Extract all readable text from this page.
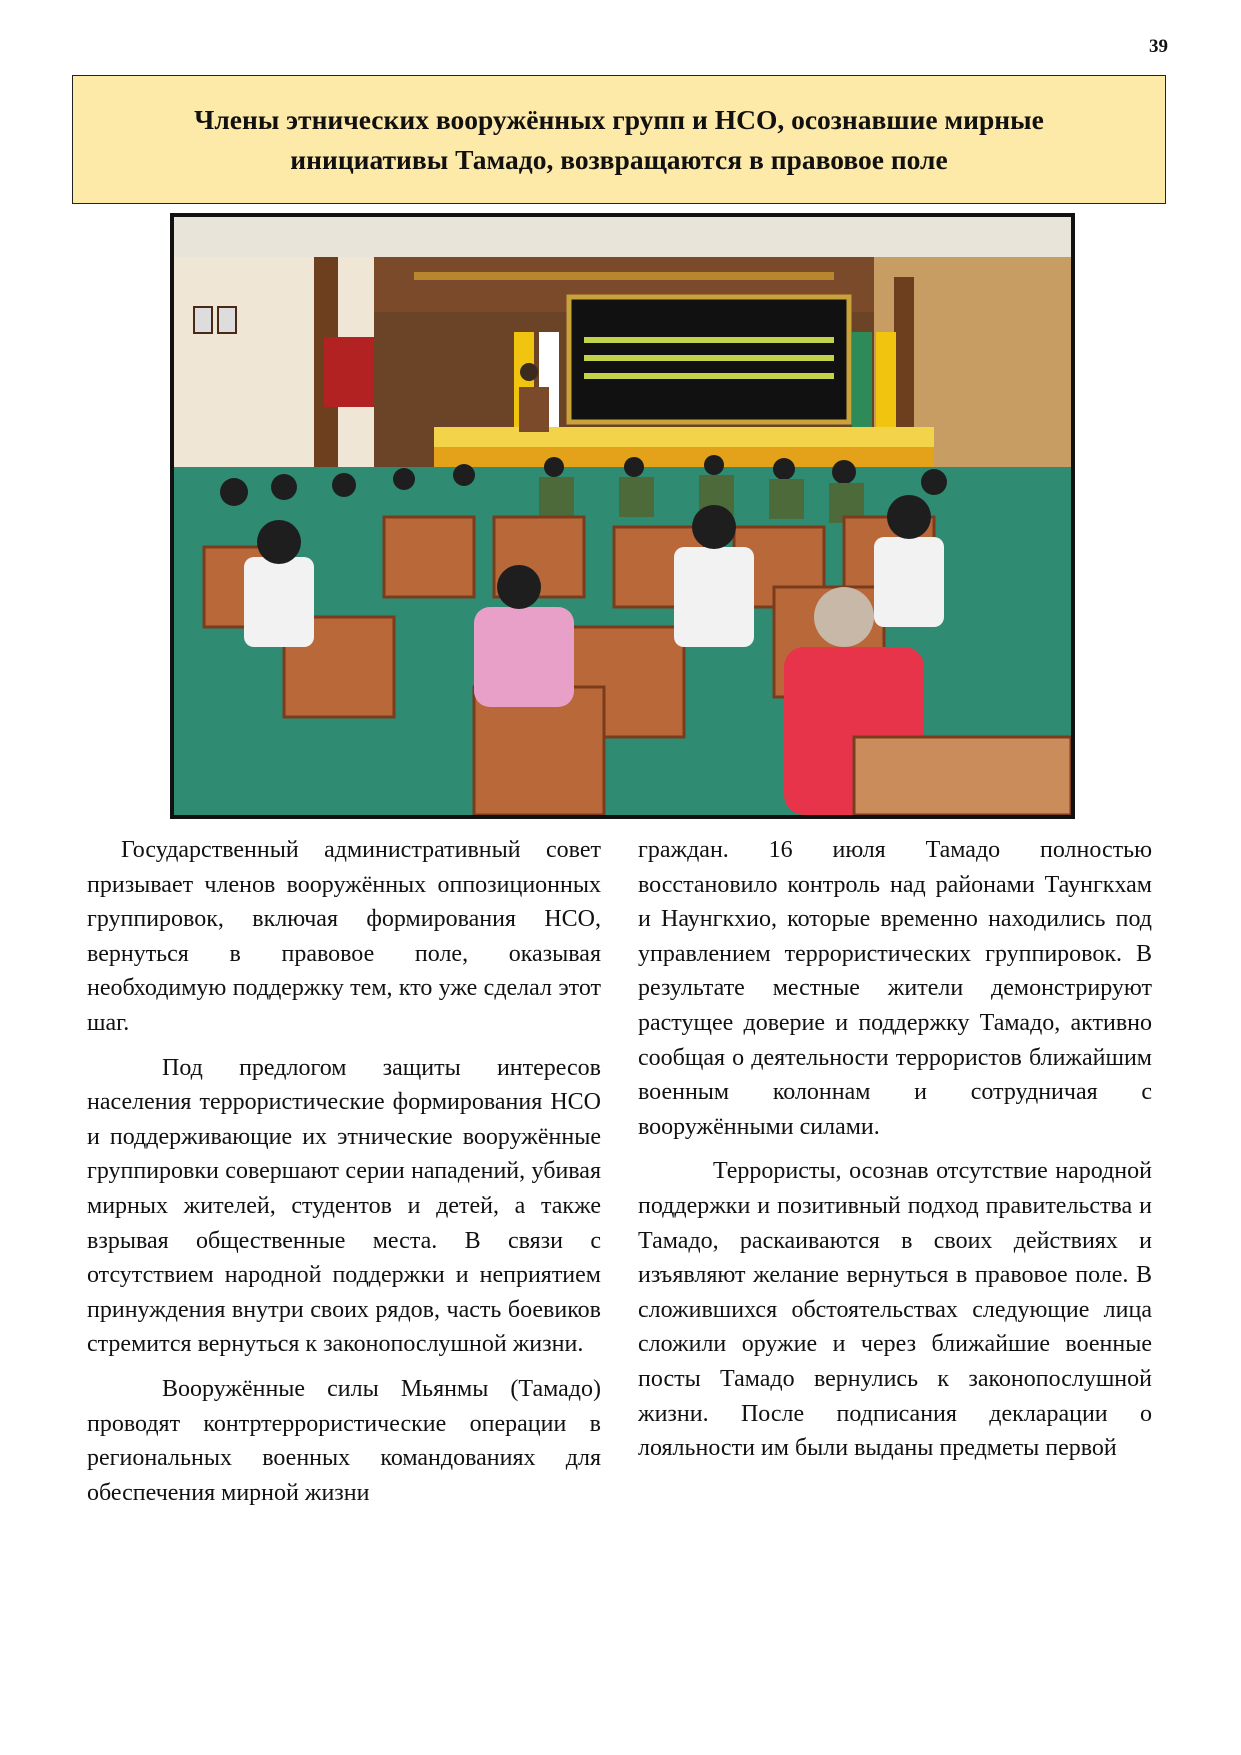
39
Члены этнических вооружённых групп и НСО, осознавшие мирные инициативы Тамадо, возвращаются в правовое поле

Государственный административный совет призывает членов вооружённых оппозиционных группировок, включая формирования НСО, вернуться в правовое поле, оказывая необходимую поддержку тем, кто уже сделал этот шаг.

Под предлогом защиты интересов населения террористические формирования НСО и поддерживающие их этнические вооружённые группировки совершают серии нападений, убивая мирных жителей, студентов и детей, а также взрывая общественные места. В связи с отсутствием народной поддержки и неприятием принуждения внутри своих рядов, часть боевиков стремится вернуться к законопослушной жизни.

Вооружённые силы Мьянмы (Тамадо) проводят контртеррористические операции в региональных военных командованиях для обеспечения мирной жизни

граждан. 16 июля Тамадо полностью восстановило контроль над районами Таунгкхам и Наунгкхио, которые временно находились под управлением террористических группировок. В результате местные жители демонстрируют растущее доверие и поддержку Тамадо, активно сообщая о деятельности террористов ближайшим военным колоннам и сотрудничая с вооружёнными силами.

Террористы, осознав отсутствие народной поддержки и позитивный подход правительства и Тамадо, раскаиваются в своих действиях и изъявляют желание вернуться в правовое поле. В сложившихся обстоятельствах следующие лица сложили оружие и через ближайшие военные посты Тамадо вернулись к законопослушной жизни. После подписания декларации о лояльности им были выданы предметы первой
